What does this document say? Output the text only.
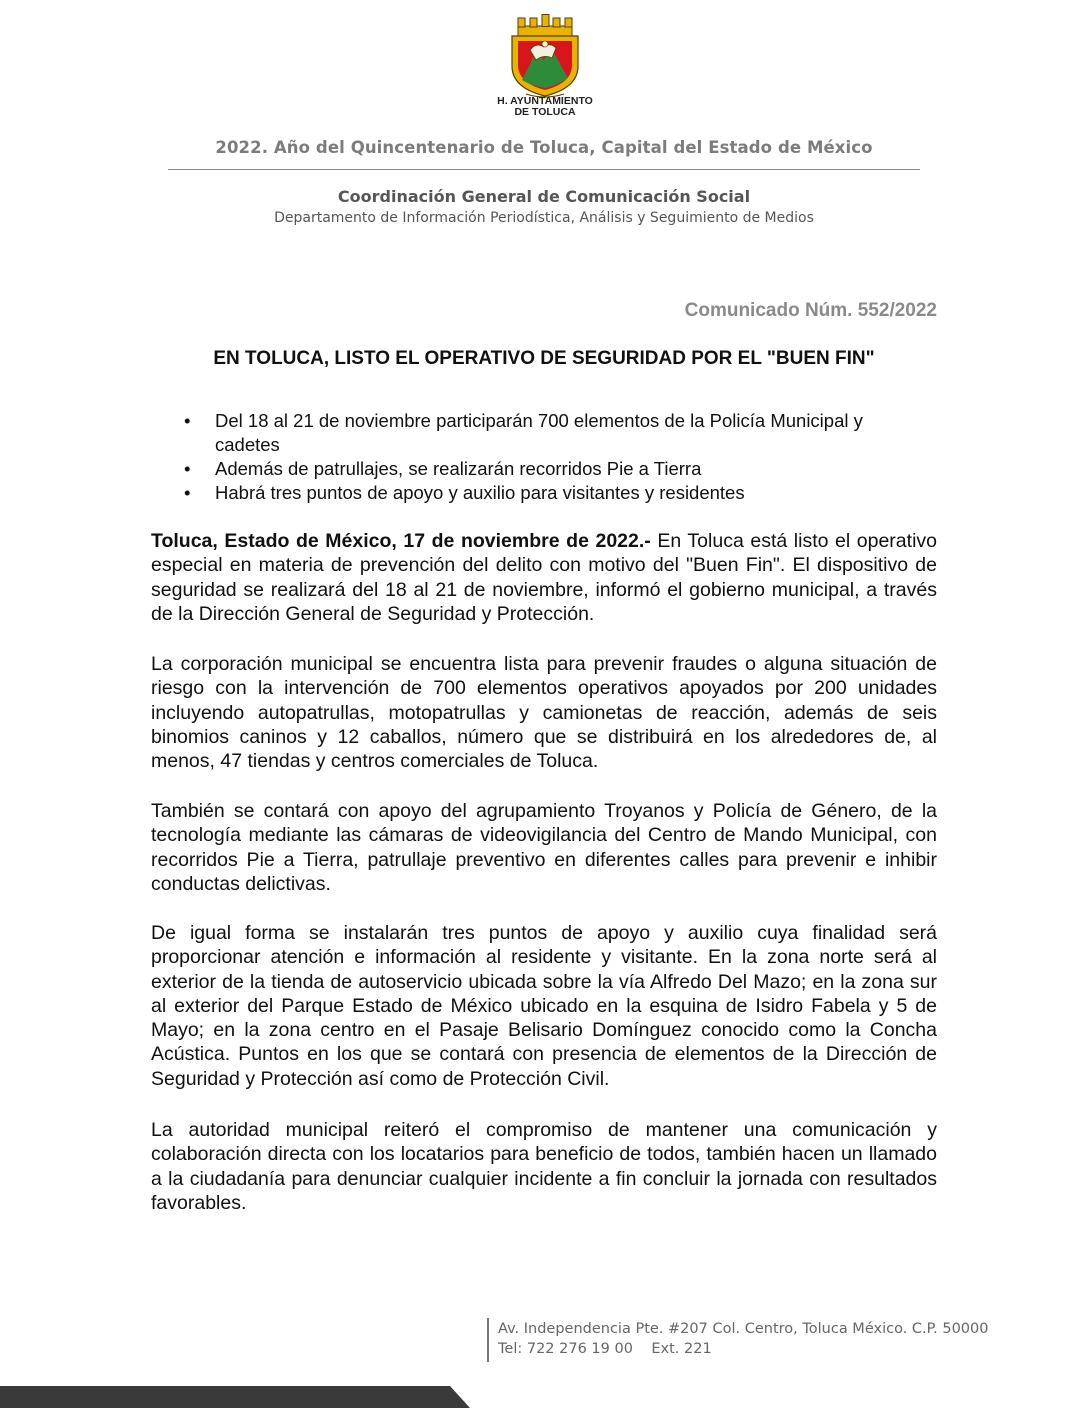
H. AYUNTAMIENTO
DE TOLUCA
2022. Año del Quincentenario de Toluca, Capital del Estado de México
Coordinación General de Comunicación Social
Departamento de Información Periodística, Análisis y Seguimiento de Medios
Comunicado Núm. 552/2022
EN TOLUCA, LISTO EL OPERATIVO DE SEGURIDAD POR EL "BUEN FIN"
• Del 18 al 21 de noviembre participarán 700 elementos de la Policía Municipal y cadetes
• Además de patrullajes, se realizarán recorridos Pie a Tierra
• Habrá tres puntos de apoyo y auxilio para visitantes y residentes

Toluca, Estado de México, 17 de noviembre de 2022.- En Toluca está listo el operativo especial en materia de prevención del delito con motivo del "Buen Fin". El dispositivo de seguridad se realizará del 18 al 21 de noviembre, informó el gobierno municipal, a través de la Dirección General de Seguridad y Protección.

La corporación municipal se encuentra lista para prevenir fraudes o alguna situación de riesgo con la intervención de 700 elementos operativos apoyados por 200 unidades incluyendo autopatrullas, motopatrullas y camionetas de reacción, además de seis binomios caninos y 12 caballos, número que se distribuirá en los alrededores de, al menos, 47 tiendas y centros comerciales de Toluca.

También se contará con apoyo del agrupamiento Troyanos y Policía de Género, de la tecnología mediante las cámaras de videovigilancia del Centro de Mando Municipal, con recorridos Pie a Tierra, patrullaje preventivo en diferentes calles para prevenir e inhibir conductas delictivas.

De igual forma se instalarán tres puntos de apoyo y auxilio cuya finalidad será proporcionar atención e información al residente y visitante. En la zona norte será al exterior de la tienda de autoservicio ubicada sobre la vía Alfredo Del Mazo; en la zona sur al exterior del Parque Estado de México ubicado en la esquina de Isidro Fabela y 5 de Mayo; en la zona centro en el Pasaje Belisario Domínguez conocido como la Concha Acústica. Puntos en los que se contará con presencia de elementos de la Dirección de Seguridad y Protección así como de Protección Civil.

La autoridad municipal reiteró el compromiso de mantener una comunicación y colaboración directa con los locatarios para beneficio de todos, también hacen un llamado a la ciudadanía para denunciar cualquier incidente a fin concluir la jornada con resultados favorables.

Av. Independencia Pte. #207 Col. Centro, Toluca México. C.P. 50000
Tel: 722 276 19 00    Ext. 221
